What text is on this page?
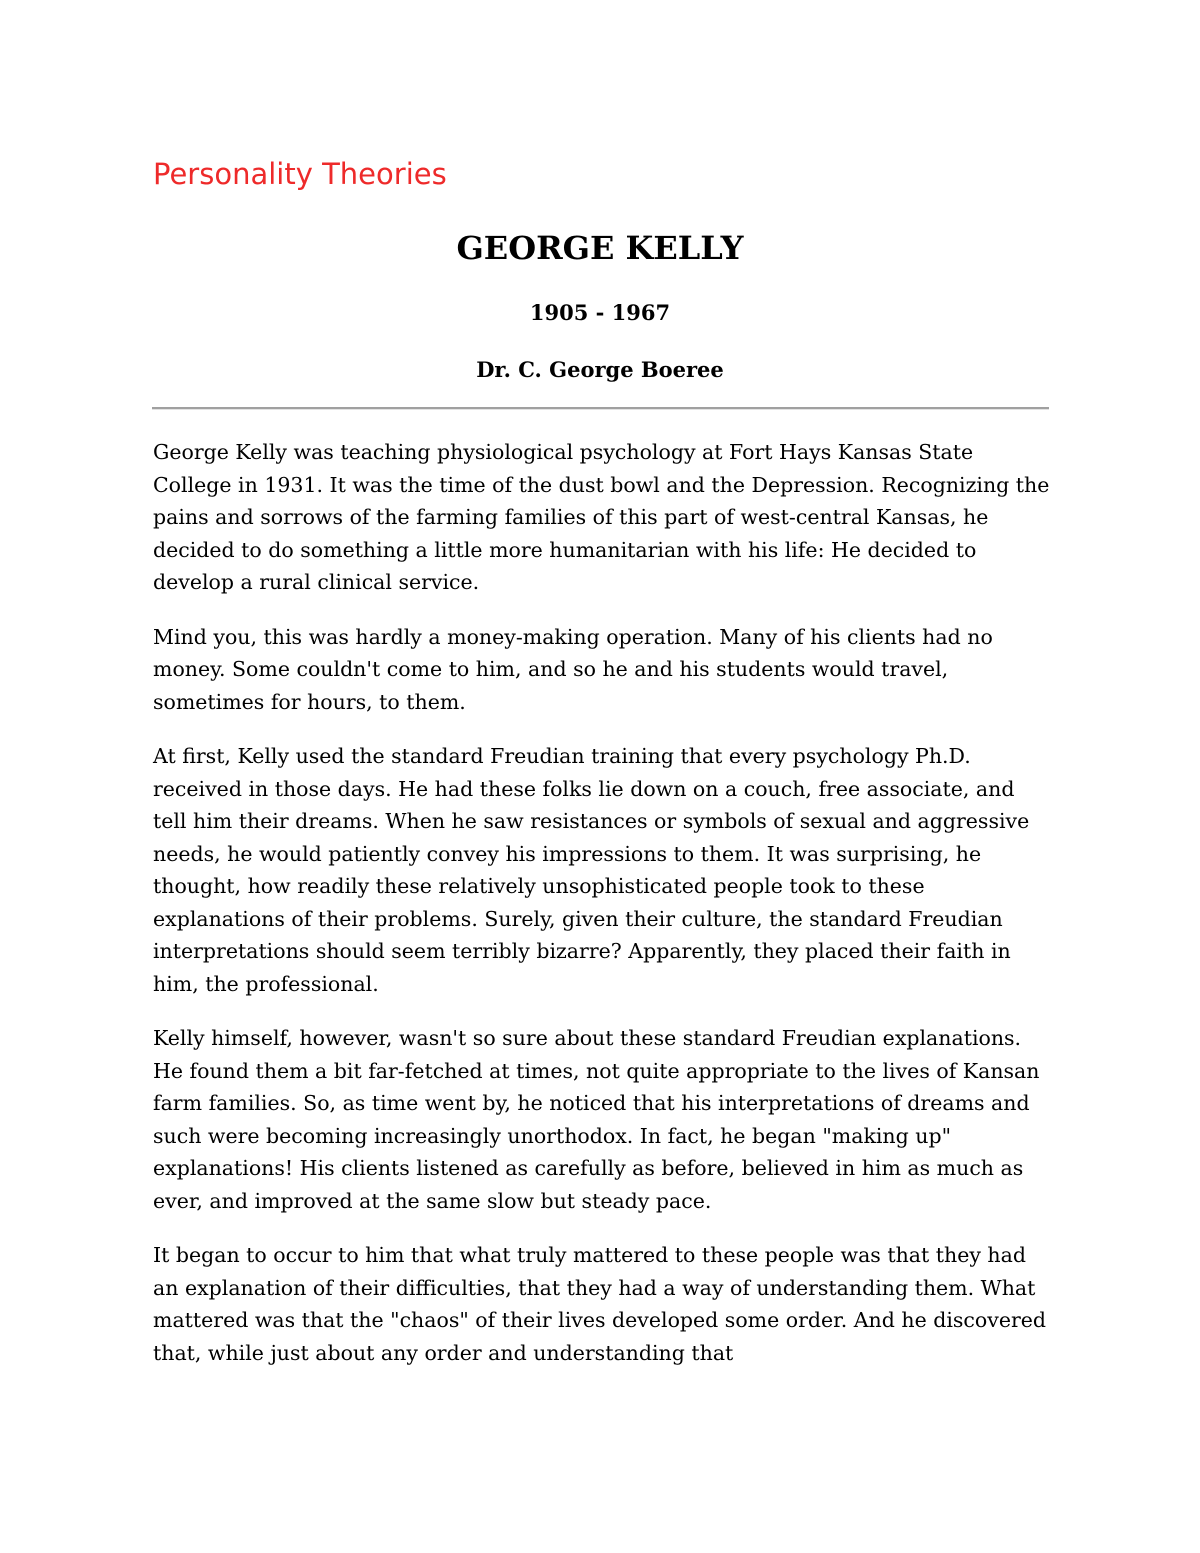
Personality Theories
GEORGE KELLY
1905 - 1967
Dr. C. George Boeree

George Kelly was teaching physiological psychology at Fort Hays Kansas State College in 1931. It was the time of the dust bowl and the Depression. Recognizing the pains and sorrows of the farming families of this part of west-central Kansas, he decided to do something a little more humanitarian with his life: He decided to develop a rural clinical service.

Mind you, this was hardly a money-making operation. Many of his clients had no money. Some couldn't come to him, and so he and his students would travel, sometimes for hours, to them.

At first, Kelly used the standard Freudian training that every psychology Ph.D. received in those days. He had these folks lie down on a couch, free associate, and tell him their dreams. When he saw resistances or symbols of sexual and aggressive needs, he would patiently convey his impressions to them. It was surprising, he thought, how readily these relatively unsophisticated people took to these explanations of their problems. Surely, given their culture, the standard Freudian interpretations should seem terribly bizarre? Apparently, they placed their faith in him, the professional.

Kelly himself, however, wasn't so sure about these standard Freudian explanations. He found them a bit far-fetched at times, not quite appropriate to the lives of Kansan farm families. So, as time went by, he noticed that his interpretations of dreams and such were becoming increasingly unorthodox. In fact, he began "making up" explanations! His clients listened as carefully as before, believed in him as much as ever, and improved at the same slow but steady pace.

It began to occur to him that what truly mattered to these people was that they had an explanation of their difficulties, that they had a way of understanding them. What mattered was that the "chaos" of their lives developed some order. And he discovered that, while just about any order and understanding that
